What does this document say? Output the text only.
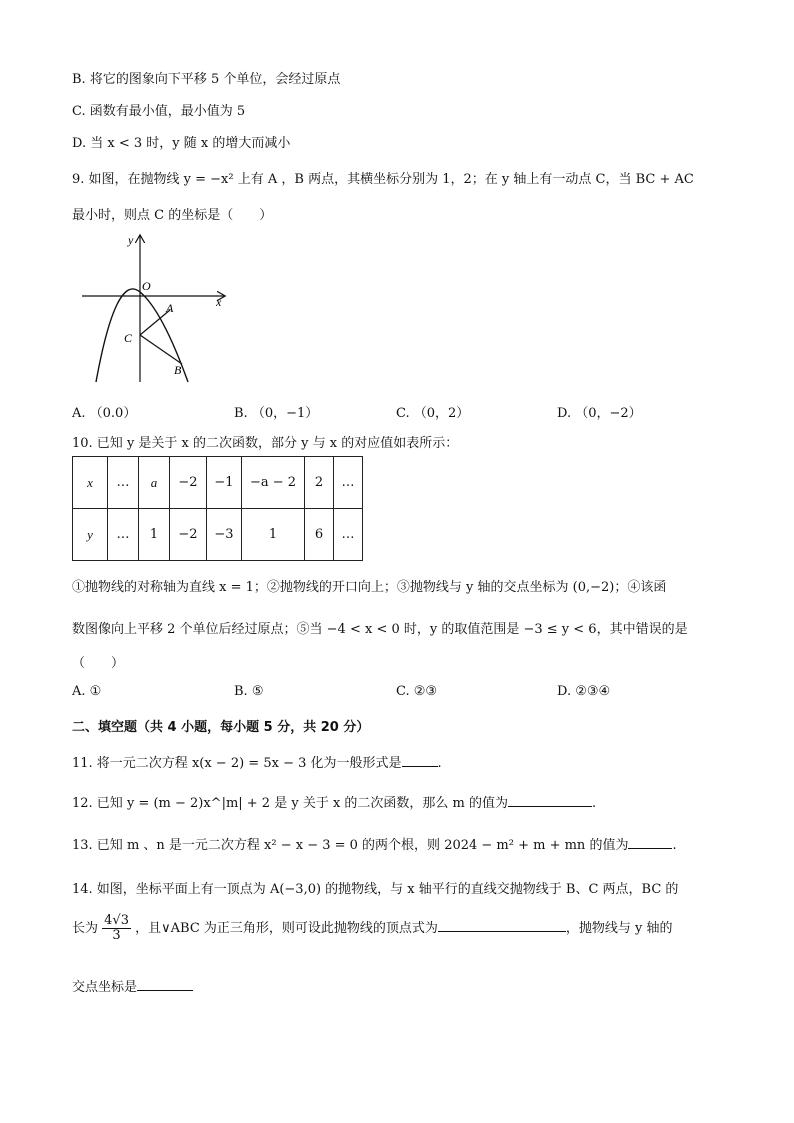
B. 将它的图象向下平移 5 个单位，会经过原点
C. 函数有最小值，最小值为 5
D. 当 x < 3 时，y 随 x 的增大而减小
9. 如图，在抛物线 y = −x² 上有 A ，B 两点，其横坐标分别为 1，2；在 y 轴上有一动点 C，当 BC + AC
最小时，则点 C 的坐标是（　　）
y
O
x
A
C
B
A. （0.0）	B. （0，−1）	C. （0，2）	D. （0，−2）
10. 已知 y 是关于 x 的二次函数，部分 y 与 x 的对应值如表所示：
x	…	a	−2	−1	−a − 2	2	…
y	…	1	−2	−3	1	6	…
①抛物线的对称轴为直线 x = 1；②抛物线的开口向上；③抛物线与 y 轴的交点坐标为 (0,−2)；④该函
数图像向上平移 2 个单位后经过原点；⑤当 −4 < x < 0 时，y 的取值范围是 −3 ≤ y < 6，其中错误的是
（　　）
A. ①	B. ⑤	C. ②③	D. ②③④
二、填空题（共 4 小题，每小题 5 分，共 20 分）
11. 将一元二次方程 x(x − 2) = 5x − 3 化为一般形式是	.
12. 已知 y = (m − 2)x^|m| + 2 是 y 关于 x 的二次函数，那么 m 的值为	.
13. 已知 m 、n 是一元二次方程 x² − x − 3 = 0 的两个根，则 2024 − m² + m + mn 的值为	.
14. 如图，坐标平面上有一顶点为 A(−3,0) 的抛物线，与 x 轴平行的直线交抛物线于 B、C 两点，BC 的
长为 $\frac{4√3}{3}$ ，且∨ABC 为正三角形，则可设此抛物线的顶点式为	，抛物线与 y 轴的
交点坐标是
